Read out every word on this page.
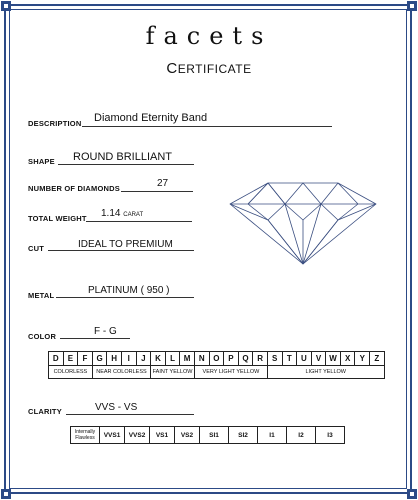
facets
CERTIFICATE
DESCRIPTION Diamond Eternity Band
SHAPE ROUND BRILLIANT
NUMBER OF DIAMONDS	27
TOTAL WEIGHT 1.14 CARAT
CUT	IDEAL TO PREMIUM
METAL	PLATINUM ( 950 )
COLOR	F - G
D	E	F	G	H	I	J	K	L	M	N	O	P	Q	R	S	T	U	V	W	X	Y	Z
COLORLESS			NEAR COLORLESS				FAINT YELLOW			VERY LIGHT YELLOW					LIGHT YELLOW							
CLARITY	VVS - VS
Internally Flawless	VVS1	VVS2	VS1	VS2	SI1	SI2	I1	I2	I3
